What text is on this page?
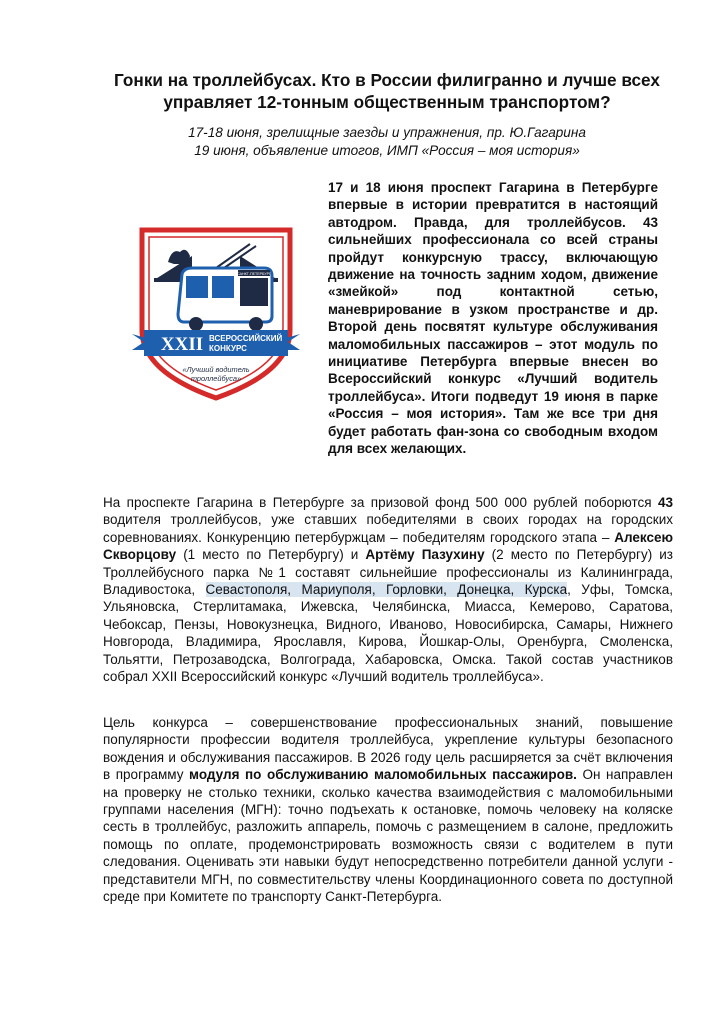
Гонки на троллейбусах. Кто в России филигранно и лучше всех управляет 12-тонным общественным транспортом?
17-18 июня, зрелищные заезды и упражнения, пр. Ю.Гагарина
19 июня, объявление итогов, ИМП «Россия – моя история»
САНКТ-ПЕТЕРБУРГ
XXII ВСЕРОССИЙСКИЙ
КОНКУРС
«Лучший водитель
троллейбуса»

17 и 18 июня проспект Гагарина в Петербурге впервые в истории превратится в настоящий автодром. Правда, для троллейбусов. 43 сильнейших профессионала со всей страны пройдут конкурсную трассу, включающую движение на точность задним ходом, движение «змейкой» под контактной сетью, маневрирование в узком пространстве и др. Второй день посвятят культуре обслуживания маломобильных пассажиров – этот модуль по инициативе Петербурга впервые внесен во Всероссийский конкурс «Лучший водитель троллейбуса». Итоги подведут 19 июня в парке «Россия – моя история». Там же все три дня будет работать фан-зона со свободным входом для всех желающих.

На проспекте Гагарина в Петербурге за призовой фонд 500 000 рублей поборются 43 водителя троллейбусов, уже ставших победителями в своих городах на городских соревнованиях. Конкуренцию петербуржцам – победителям городского этапа – Алексею Скворцову (1 место по Петербургу) и Артёму Пазухину (2 место по Петербургу) из Троллейбусного парка №1 составят сильнейшие профессионалы из Калининграда, Владивостока, Севастополя, Мариуполя, Горловки, Донецка, Курска, Уфы, Томска, Ульяновска, Стерлитамака, Ижевска, Челябинска, Миасса, Кемерово, Саратова, Чебоксар, Пензы, Новокузнецка, Видного, Иваново, Новосибирска, Самары, Нижнего Новгорода, Владимира, Ярославля, Кирова, Йошкар-Олы, Оренбурга, Смоленска, Тольятти, Петрозаводска, Волгограда, Хабаровска, Омска. Такой состав участников собрал XXII Всероссийский конкурс «Лучший водитель троллейбуса».

Цель конкурса – совершенствование профессиональных знаний, повышение популярности профессии водителя троллейбуса, укрепление культуры безопасного вождения и обслуживания пассажиров. В 2026 году цель расширяется за счёт включения в программу модуля по обслуживанию маломобильных пассажиров. Он направлен на проверку не столько техники, сколько качества взаимодействия с маломобильными группами населения (МГН): точно подъехать к остановке, помочь человеку на коляске сесть в троллейбус, разложить аппарель, помочь с размещением в салоне, предложить помощь по оплате, продемонстрировать возможность связи с водителем в пути следования. Оценивать эти навыки будут непосредственно потребители данной услуги - представители МГН, по совместительству члены Координационного совета по доступной среде при Комитете по транспорту Санкт-Петербурга.
